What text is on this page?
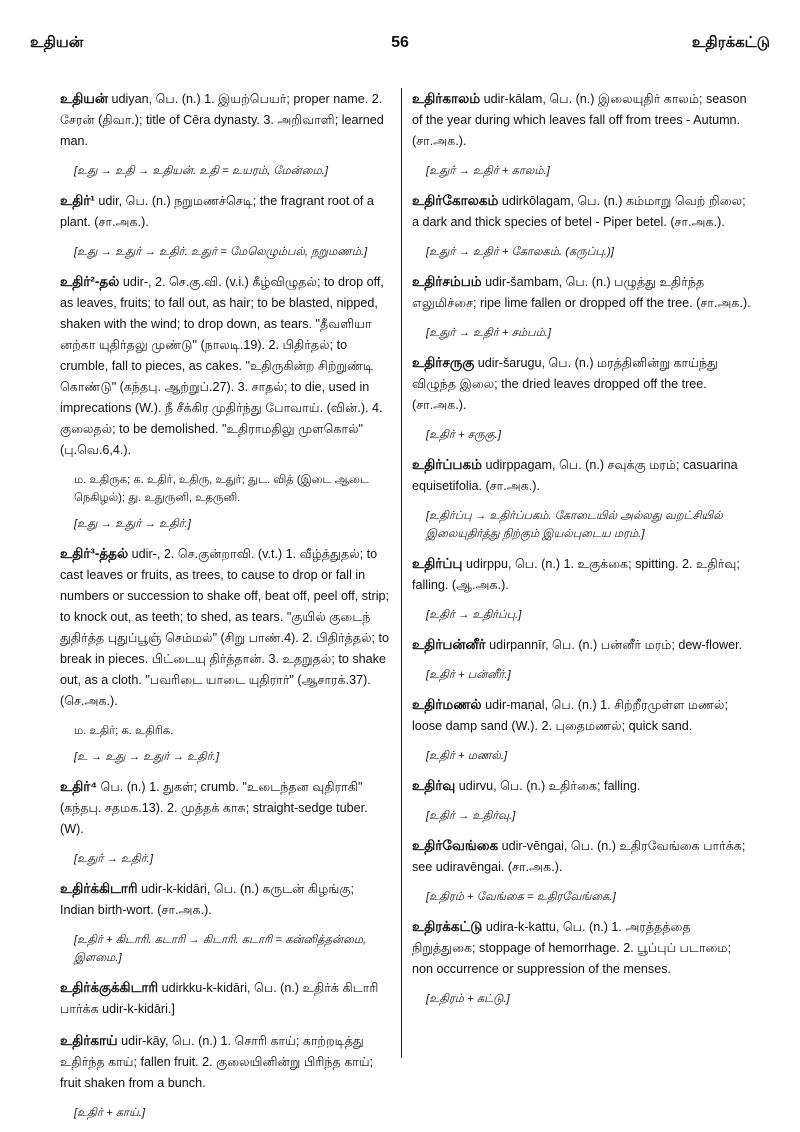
உதியன்	56	உதிரக்கட்டு
உதியன் udiyan, பெ. (n.) 1. இயற்பெயர்; proper name. 2. சேரன் (திவா.); title of Cēra dynasty. 3. அறிவாளி; learned man.
[உது → உதி → உதியன். உதி = உயரம், மேன்மை.]
உதிர்¹ udir, பெ. (n.) நறுமணச்செடி; the fragrant root of a plant. (சா.அக.).
[உது → உதுர் → உதிர். உதுர் = மேலெழும்பல், நறுமணம்.]
உதிர்²-தல் udir-, 2. செ.கு.வி. (v.i.) கீழ்விழுதல்; to drop off, as leaves, fruits; to fall out, as hair; to be blasted, nipped, shaken with the wind; to drop down, as tears. "தீவளியா னற்கா யுதிர்தலு முண்டு" (நாலடி.19). 2. பிதிர்தல்; to crumble, fall to pieces, as cakes. "உதிருகின்ற சிற்றுண்டி கொண்டு" (கந்தபு. ஆற்றுப்.27). 3. சாதல்; to die, used in imprecations (W.). நீ சீக்கிர முதிர்ந்து போவாய். (வின்.). 4. குலைதல்; to be demolished. "உதிராமதிலு முளகொல்" (பு.வெ.6,4.).
ம. உதிருக; க. உதிர், உதிரு, உதுர்; துட. வித் (இடை ஆடை நெகிழல்); து. உதுருனி, உதருனி.
[உது → உதுர் → உதிர்.]
உதிர்³-த்தல் udir-, 2. செ.குன்றாவி. (v.t.) 1. வீழ்த்துதல்; to cast leaves or fruits, as trees, to cause to drop or fall in numbers or succession to shake off, beat off, peel off, strip; to knock out, as teeth; to shed, as tears. "குயில் குடைந் துதிர்த்த புதுப்பூஞ் செம்மல்" (சிறு பாண்.4). 2. பிதிர்த்தல்; to break in pieces. பிட்டையு திர்த்தான். 3. உதறுதல்; to shake out, as a cloth. "பவரிடை யாடை யுதிரார்" (ஆசாரக்.37). (செ.அக.).
ம. உதிர்; க. உதிரிக.
[உ → உது → உதுர் → உதிர்.]
உதிர்⁴ பெ. (n.) 1. துகள்; crumb. "உடைந்தன வுதிராகி" (கந்தபு. சதமக.13). 2. முத்தக் காசு; straight-sedge tuber. (W).
[உதுர் → உதிர்.]
உதிர்க்கிடாரி udir-k-kidāri, பெ. (n.) கருடன் கிழங்கு; Indian birth-wort. (சா.அக.).
[உதிர் + கிடாரி. கடாரி → கிடாரி. கடாரி = கன்னித்தன்மை, இளமை.]
உதிர்க்குக்கிடாரி udirkku-k-kidāri, பெ. (n.) உதிர்க் கிடாரி பார்க்க udir-k-kidāri.]
உதிர்காய் udir-kāy, பெ. (n.) 1. சொரி காய்; காற்றடித்து உதிர்ந்த காய்; fallen fruit. 2. குலையினின்று பிரிந்த காய்; fruit shaken from a bunch.
[உதிர் + காய்.]
உதிர்காலம் udir-kālam, பெ. (n.) இலையுதிர் காலம்; season of the year during which leaves fall off from trees - Autumn. (சா.அக.).
[உதுர் → உதிர் + காலம்.]
உதிர்கோலகம் udirkōlagam, பெ. (n.) கம்மாறு வெற் றிலை; a dark and thick species of betel - Piper betel. (சா.அக.).
[உதுர் → உதிர் + கோலகம். (கருப்பு.)]
உதிர்சம்பம் udir-šambam, பெ. (n.) பழுத்து உதிர்ந்த எலுமிச்சை; ripe lime fallen or dropped off the tree. (சா.அக.).
[உதுர் → உதிர் + சம்பம்.]
உதிர்சருகு udir-šarugu, பெ. (n.) மரத்தினின்று காய்ந்து விழுந்த இலை; the dried leaves dropped off the tree. (சா.அக.).
[உதிர் + சருகு.]
உதிர்ப்பகம் udirppagam, பெ. (n.) சவுக்கு மரம்; casuarina equisetifolia. (சா.அக.).
[உதிர்ப்பு → உதிர்ப்பகம். கோடையில் அல்லது வறட்சியில் இலையுதிர்த்து நிற்கும் இயல்புடைய மரம்.]
உதிர்ப்பு udirppu, பெ. (n.) 1. உகுக்கை; spitting. 2. உதிர்வு; falling. (ஆ.அக.).
[உதிர் → உதிர்ப்பு.]
உதிர்பன்னீர் udirpannīr, பெ. (n.) பன்னீர் மரம்; dew-flower.
[உதிர் + பன்னீர்.]
உதிர்மணல் udir-maṇal, பெ. (n.) 1. சிற்றீரமுள்ள மணல்; loose damp sand (W.). 2. புதைமணல்; quick sand.
[உதிர் + மணல்.]
உதிர்வு udirvu, பெ. (n.) உதிர்கை; falling.
[உதிர் → உதிர்வு.]
உதிர்வேங்கை udir-vēngai, பெ. (n.) உதிரவேங்கை பார்க்க; see udiravēngai. (சா.அக.).
[உதிரம் + வேங்கை = உதிரவேங்கை.]
உதிரக்கட்டு udira-k-kattu, பெ. (n.) 1. அரத்தத்தை நிறுத்துகை; stoppage of hemorrhage. 2. பூப்புப் படாமை; non occurrence or suppression of the menses.
[உதிரம் + கட்டு.]
